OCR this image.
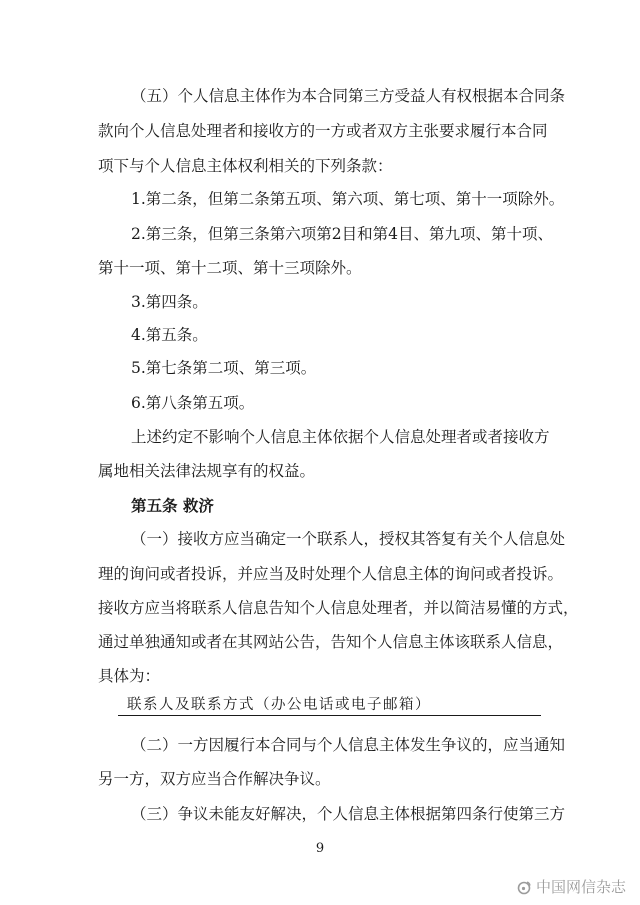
（五）个人信息主体作为本合同第三方受益人有权根据本合同条
款向个人信息处理者和接收方的一方或者双方主张要求履行本合同
项下与个人信息主体权利相关的下列条款：
1.第二条，但第二条第五项、第六项、第七项、第十一项除外。
2.第三条，但第三条第六项第2目和第4目、第九项、第十项、
第十一项、第十二项、第十三项除外。
3.第四条。
4.第五条。
5.第七条第二项、第三项。
6.第八条第五项。
上述约定不影响个人信息主体依据个人信息处理者或者接收方
属地相关法律法规享有的权益。
第五条 救济
（一）接收方应当确定一个联系人，授权其答复有关个人信息处
理的询问或者投诉，并应当及时处理个人信息主体的询问或者投诉。
接收方应当将联系人信息告知个人信息处理者，并以简洁易懂的方式，
通过单独通知或者在其网站公告，告知个人信息主体该联系人信息，
具体为：
联系人及联系方式（办公电话或电子邮箱）
（二）一方因履行本合同与个人信息主体发生争议的，应当通知
另一方，双方应当合作解决争议。
（三）争议未能友好解决，个人信息主体根据第四条行使第三方
9
中国网信杂志
